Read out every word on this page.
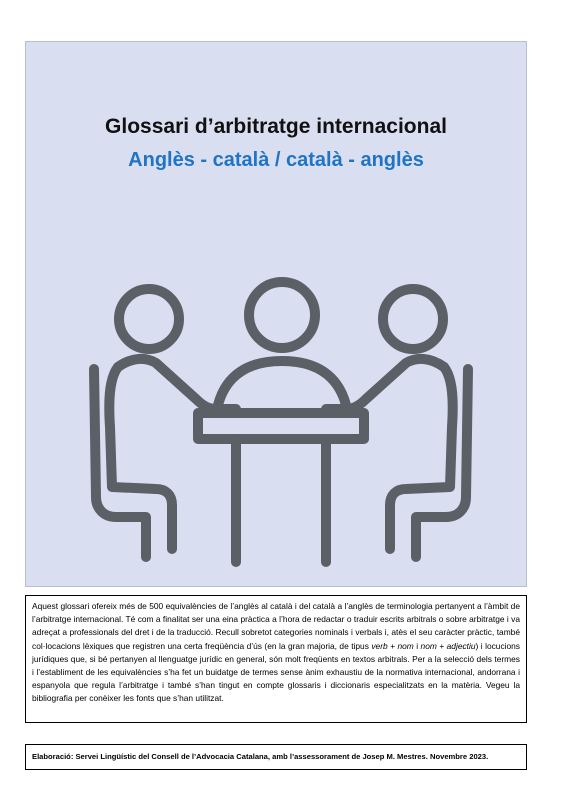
Glossari d’arbitratge internacional
Anglès - català / català - anglès
Aquest glossari ofereix més de 500 equivalències de l’anglès al català i del català a l’anglès de terminologia pertanyent a l’àmbit de l’arbitratge internacional. Té com a finalitat ser una eina pràctica a l’hora de redactar o traduir escrits arbitrals o sobre arbitratge i va adreçat a professionals del dret i de la traducció. Recull sobretot categories nominals i verbals i, atès el seu caràcter pràctic, també col·locacions lèxiques que registren una certa freqüència d’ús (en la gran majoria, de tipus verb + nom i nom + adjectiu) i locucions jurídiques que, si bé pertanyen al llenguatge jurídic en general, són molt freqüents en textos arbitrals. Per a la selecció dels termes i l’establiment de les equivalències s’ha fet un buidatge de termes sense ànim exhaustiu de la normativa internacional, andorrana i espanyola que regula l’arbitratge i també s’han tingut en compte glossaris i diccionaris especialitzats en la matèria. Vegeu la bibliografia per conèixer les fonts que s’han utilitzat.
Elaboració: Servei Lingüístic del Consell de l’Advocacia Catalana, amb l’assessorament de Josep M. Mestres. Novembre 2023.
